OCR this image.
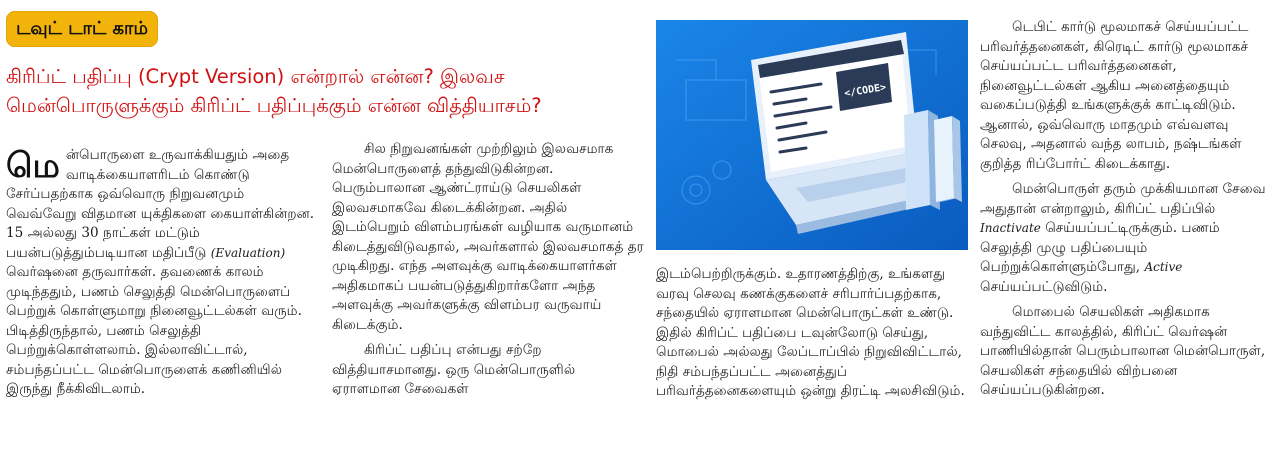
டவுட் டாட் காம்
கிரிப்ட் பதிப்பு (Crypt Version) என்றால் என்ன? இலவச மென்பொருளுக்கும் கிரிப்ட் பதிப்புக்கும் என்ன வித்தியாசம்?

மென்பொருளை உருவாக்கியதும் அதை வாடிக்கையாளரிடம் கொண்டு சேர்ப்பதற்காக ஒவ்வொரு நிறுவனமும் வெவ்வேறு விதமான யுக்திகளை கையாள்கின்றன. 15 அல்லது 30 நாட்கள் மட்டும் பயன்படுத்தும்படியான மதிப்பீடு (Evaluation) வெர்ஷனை தருவார்கள். தவணைக் காலம் முடிந்ததும், பணம் செலுத்தி மென்பொருளைப் பெற்றுக் கொள்ளுமாறு நினைவூட்டல்கள் வரும். பிடித்திருந்தால், பணம் செலுத்தி பெற்றுக்கொள்ளலாம். இல்லாவிட்டால், சம்பந்தப்பட்ட மென்பொருளைக் கணினியில் இருந்து நீக்கிவிடலாம்.

சில நிறுவனங்கள் முற்றிலும் இலவசமாக மென்பொருளைத் தந்துவிடுகின்றன. பெரும்பாலான ஆண்ட்ராய்டு செயலிகள் இலவசமாகவே கிடைக்கின்றன. அதில் இடம்பெறும் விளம்பரங்கள் வழியாக வருமானம் கிடைத்துவிடுவதால், அவர்களால் இலவசமாகத் தர முடிகிறது. எந்த அளவுக்கு வாடிக்கையாளர்கள் அதிகமாகப் பயன்படுத்துகிறார்களோ அந்த அளவுக்கு அவர்களுக்கு விளம்பர வருவாய் கிடைக்கும்.

கிரிப்ட் பதிப்பு என்பது சற்றே வித்தியாசமானது. ஒரு மென்பொருளில் ஏராளமான சேவைகள்

</CODE>

இடம்பெற்றிருக்கும். உதாரணத்திற்கு, உங்களது வரவு செலவு கணக்குகளைச் சரிபார்ப்பதற்காக, சந்தையில் ஏராளமான மென்பொருட்கள் உண்டு. இதில் கிரிப்ட் பதிப்பை டவுன்லோடு செய்து, மொபைல் அல்லது லேப்டாப்பில் நிறுவிவிட்டால், நிதி சம்பந்தப்பட்ட அனைத்துப் பரிவர்த்தனைகளையும் ஒன்று திரட்டி அலசிவிடும்.

டெபிட் கார்டு மூலமாகச் செய்யப்பட்ட பரிவர்த்தனைகள், கிரெடிட் கார்டு மூலமாகச் செய்யப்பட்ட பரிவர்த்தனைகள், நினைவூட்டல்கள் ஆகிய அனைத்தையும் வகைப்படுத்தி உங்களுக்குக் காட்டிவிடும். ஆனால், ஒவ்வொரு மாதமும் எவ்வளவு செலவு, அதனால் வந்த லாபம், நஷ்டங்கள் குறித்த ரிப்போர்ட் கிடைக்காது.

மென்பொருள் தரும் முக்கியமான சேவை அதுதான் என்றாலும், கிரிப்ட் பதிப்பில் Inactivate செய்யப்பட்டிருக்கும். பணம் செலுத்தி முழு பதிப்பையும் பெற்றுக்கொள்ளும்போது, Active செய்யப்பட்டுவிடும்.

மொபைல் செயலிகள் அதிகமாக வந்துவிட்ட காலத்தில், கிரிப்ட் வெர்ஷன் பாணியில்தான் பெரும்பாலான மென்பொருள், செயலிகள் சந்தையில் விற்பனை செய்யப்படுகின்றன.
